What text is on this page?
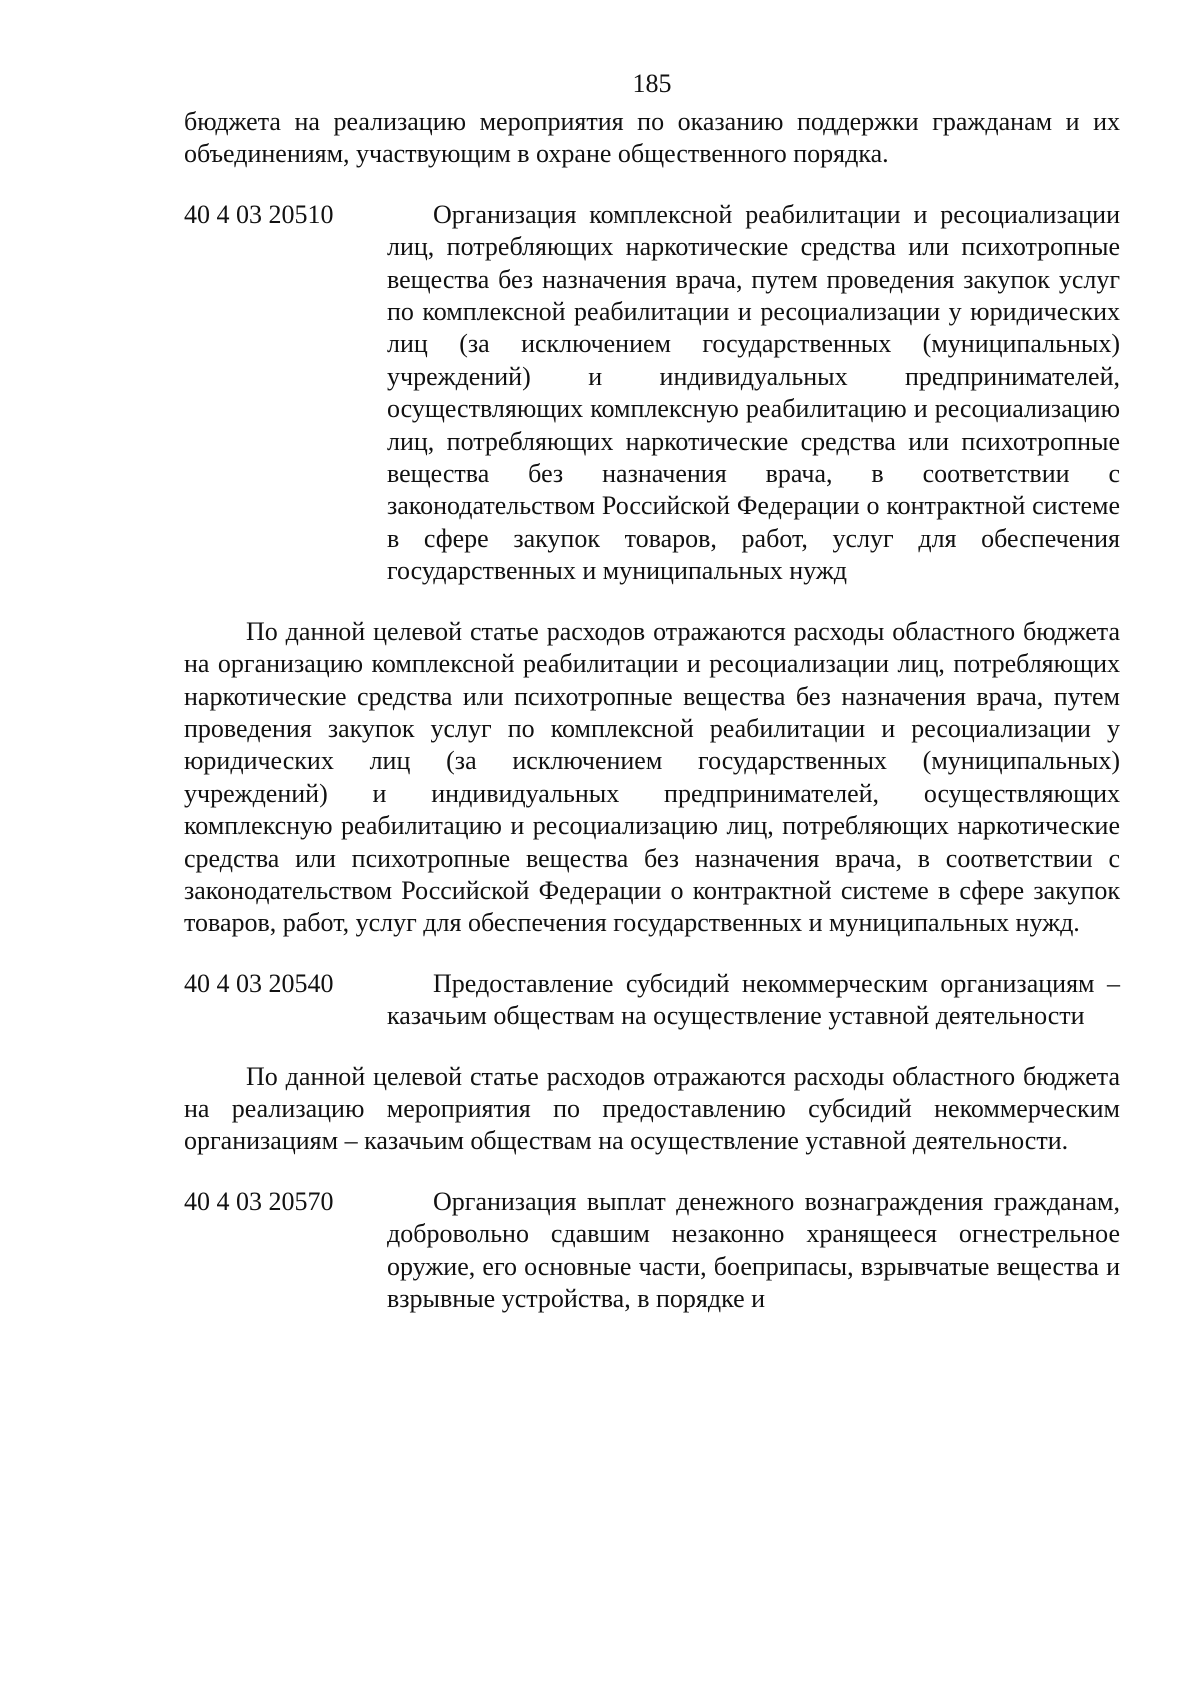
185

бюджета на реализацию мероприятия по оказанию поддержки гражданам и их объединениям, участвующим в охране общественного порядка.

40 4 03 20510	Организация комплексной реабилитации и ресоциализации лиц, потребляющих наркотические средства или психотропные вещества без назначения врача, путем проведения закупок услуг по комплексной реабилитации и ресоциализации у юридических лиц (за исключением государственных (муниципальных) учреждений) и индивидуальных предпринимателей, осуществляющих комплексную реабилитацию и ресоциализацию лиц, потребляющих наркотические средства или психотропные вещества без назначения врача, в соответствии с законодательством Российской Федерации о контрактной системе в сфере закупок товаров, работ, услуг для обеспечения государственных и муниципальных нужд

По данной целевой статье расходов отражаются расходы областного бюджета на организацию комплексной реабилитации и ресоциализации лиц, потребляющих наркотические средства или психотропные вещества без назначения врача, путем проведения закупок услуг по комплексной реабилитации и ресоциализации у юридических лиц (за исключением государственных (муниципальных) учреждений) и индивидуальных предпринимателей, осуществляющих комплексную реабилитацию и ресоциализацию лиц, потребляющих наркотические средства или психотропные вещества без назначения врача, в соответствии с законодательством Российской Федерации о контрактной системе в сфере закупок товаров, работ, услуг для обеспечения государственных и муниципальных нужд.

40 4 03 20540	Предоставление субсидий некоммерческим организациям – казачьим обществам на осуществление уставной деятельности

По данной целевой статье расходов отражаются расходы областного бюджета на реализацию мероприятия по предоставлению субсидий некоммерческим организациям – казачьим обществам на осуществление уставной деятельности.

40 4 03 20570	Организация выплат денежного вознаграждения гражданам, добровольно сдавшим незаконно хранящееся огнестрельное оружие, его основные части, боеприпасы, взрывчатые вещества и взрывные устройства, в порядке и
